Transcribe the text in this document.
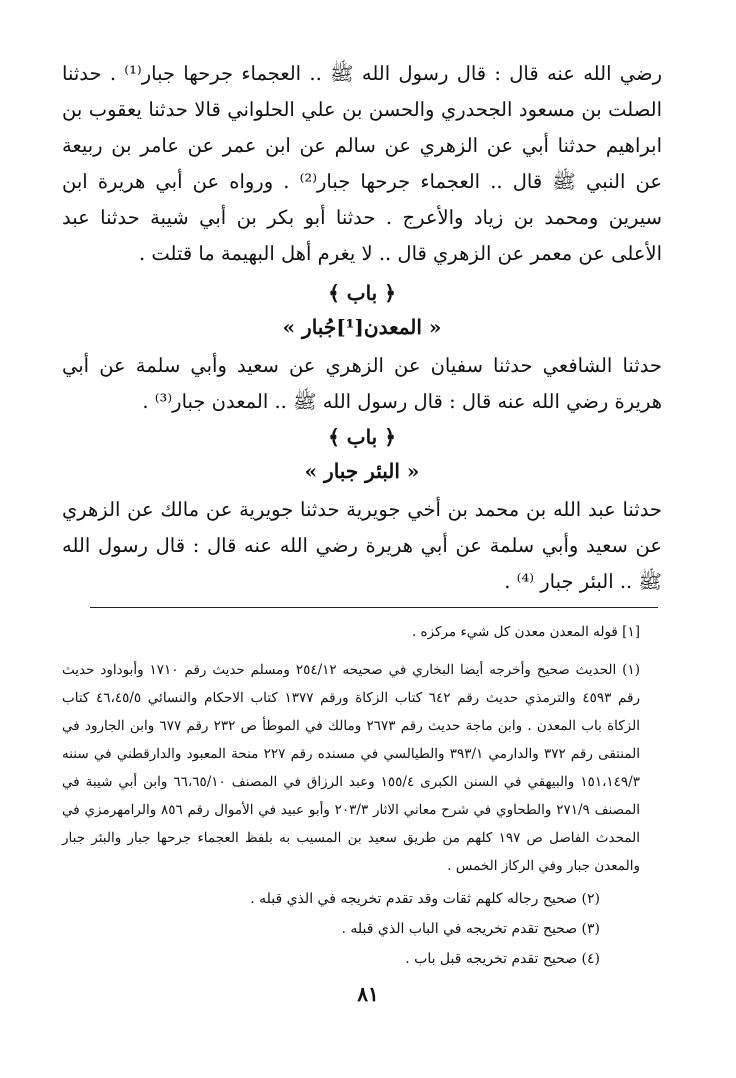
رضي الله عنه قال : قال رسول الله ﷺ .. العجماء جرحها جبار⁽¹⁾ . حدثنا الصلت بن مسعود الجحدري والحسن بن علي الحلواني قالا حدثنا يعقوب بن ابراهيم حدثنا أبي عن الزهري عن سالم عن ابن عمر عن عامر بن ربيعة عن النبي ﷺ قال .. العجماء جرحها جبار⁽²⁾ . ورواه عن أبي هريرة ابن سيرين ومحمد بن زياد والأعرج . حدثنا أبو بكر بن أبي شيبة حدثنا عبد الأعلى عن معمر عن الزهري قال .. لا يغرم أهل البهيمة ما قتلت .

﴿ باب ﴾

« المعدن[¹]جُبار »

حدثنا الشافعي حدثنا سفيان عن الزهري عن سعيد وأبي سلمة عن أبي هريرة رضي الله عنه قال : قال رسول الله ﷺ .. المعدن جبار⁽³⁾ .

﴿ باب ﴾

« البئر جبار »

حدثنا عبد الله بن محمد بن أخي جويرية حدثنا جويرية عن مالك عن الزهري عن سعيد وأبي سلمة عن أبي هريرة رضي الله عنه قال : قال رسول الله ﷺ .. البئر جبار ⁽⁴⁾ .

[١] قوله المعدن معدن كل شيء مركزه .

(١) الحديث صحيح وأخرجه أيضا البخاري في صحيحه ٢٥٤/١٢ ومسلم حديث رقم ١٧١٠ وأبوداود حديث رقم ٤٥٩٣ والترمذي حديث رقم ٦٤٢ كتاب الزكاة ورقم ١٣٧٧ كتاب الاحكام والنسائي ٤٦،٤٥/٥ كتاب الزكاة باب المعدن . وابن ماجة حديث رقم ٢٦٧٣ ومالك في الموطأ ص ٢٣٢ رقم ٦٧٧ وابن الجارود في المنتقى رقم ٣٧٢ والدارمي ٣٩٣/١ والطيالسي في مسنده رقم ٢٢٧ منحة المعبود والدارقطني في سننه ١٥١،١٤٩/٣ والبيهقي في السنن الكبرى ١٥٥/٤ وعبد الرزاق في المصنف ٦٦،٦٥/١٠ وابن أبي شيبة في المصنف ٢٧١/٩ والطحاوي في شرح معاني الاثار ٢٠٣/٣ وأبو عبيد في الأموال رقم ٨٥٦ والرامهرمزي في المحدث الفاصل ص ١٩٧ كلهم من طريق سعيد بن المسيب به بلفظ العجماء جرحها جبار والبئر جبار والمعدن جبار وفي الركاز الخمس .

(٢) صحيح رجاله كلهم ثقات وقد تقدم تخريجه في الذي قبله .

(٣) صحيح تقدم تخريجه في الباب الذي قبله .

(٤) صحيح تقدم تخريجه قبل باب .

٨١
